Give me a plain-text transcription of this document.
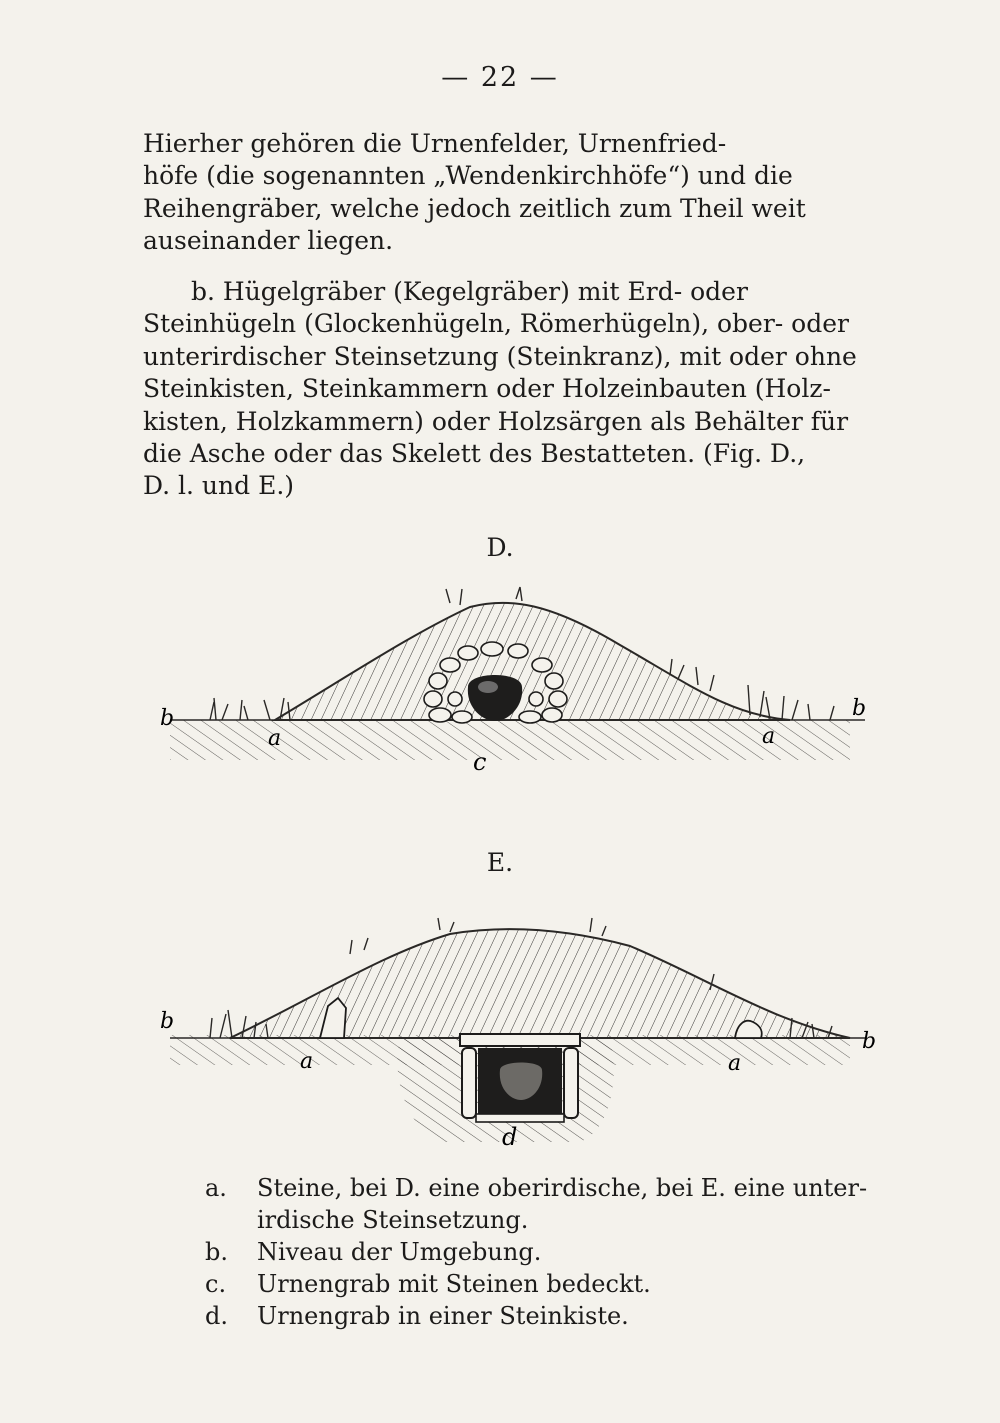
— 22 —
Hierher gehören die Urnenfelder, Urnenfried-
höfe (die sogenannten „Wendenkirchhöfe“) und die
Reihengräber, welche jedoch zeitlich zum Theil weit
auseinander liegen.
b. Hügelgräber (Kegelgräber) mit Erd- oder
Steinhügeln (Glockenhügeln, Römerhügeln), ober- oder
unterirdischer Steinsetzung (Steinkranz), mit oder ohne
Steinkisten, Steinkammern oder Holzeinbauten (Holz-
kisten, Holzkammern) oder Holzsärgen als Behälter für
die Asche oder das Skelett des Bestatteten. (Fig. D.,
D. l. und E.)
D.
b	b
a	a
c
E.
b
b
a	a
d
a.	Steine, bei D. eine oberirdische, bei E. eine unter-
irdische Steinsetzung.
b.	Niveau der Umgebung.
c.	Urnengrab mit Steinen bedeckt.
d.	Urnengrab in einer Steinkiste.
